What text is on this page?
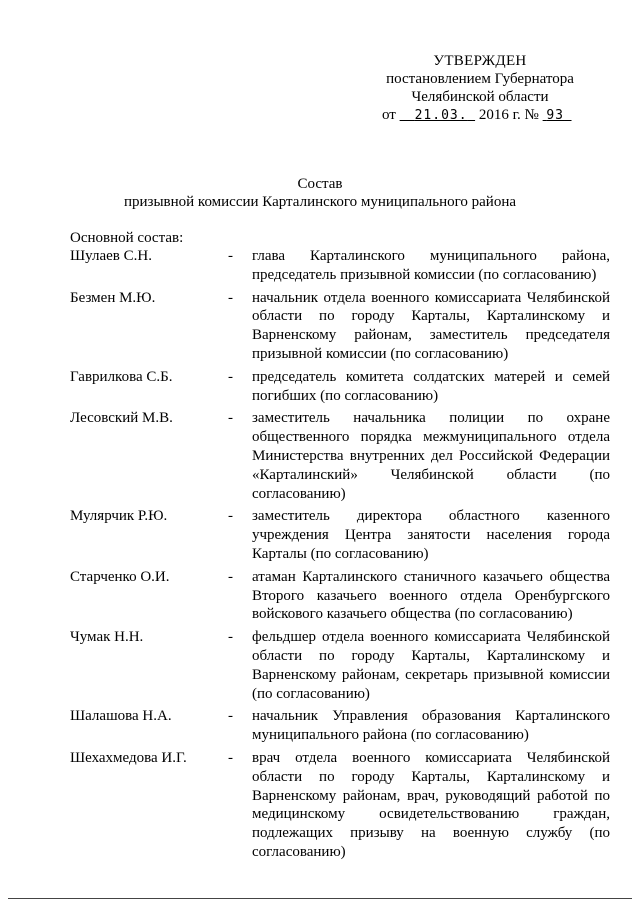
УТВЕРЖДЕН
постановлением Губернатора
Челябинской области
от 21.03. 2016 г. № 93
Состав
призывной комиссии Карталинского муниципального района
Основной состав:
Шулаев С.Н.	-	глава Карталинского муниципального района, председатель призывной комиссии (по согласованию)
Безмен М.Ю.	-	начальник отдела военного комиссариата Челябинской области по городу Карталы, Карталинскому и Варненскому районам, заместитель председателя призывной комиссии (по согласованию)
Гаврилкова С.Б.	-	председатель комитета солдатских матерей и семей погибших (по согласованию)
Лесовский М.В.	-	заместитель начальника полиции по охране общественного порядка межмуниципального отдела Министерства внутренних дел Российской Федерации «Карталинский» Челябинской области (по согласованию)
Мулярчик Р.Ю.	-	заместитель директора областного казенного учреждения Центра занятости населения города Карталы (по согласованию)
Старченко О.И.	-	атаман Карталинского станичного казачьего общества Второго казачьего военного отдела Оренбургского войскового казачьего общества (по согласованию)
Чумак Н.Н.	-	фельдшер отдела военного комиссариата Челябинской области по городу Карталы, Карталинскому и Варненскому районам, секретарь призывной комиссии (по согласованию)
Шалашова Н.А.	-	начальник Управления образования Карталинского муниципального района (по согласованию)
Шехахмедова И.Г.	-	врач отдела военного комиссариата Челябинской области по городу Карталы, Карталинскому и Варненскому районам, врач, руководящий работой по медицинскому освидетельствованию граждан, подлежащих призыву на военную службу (по согласованию)
